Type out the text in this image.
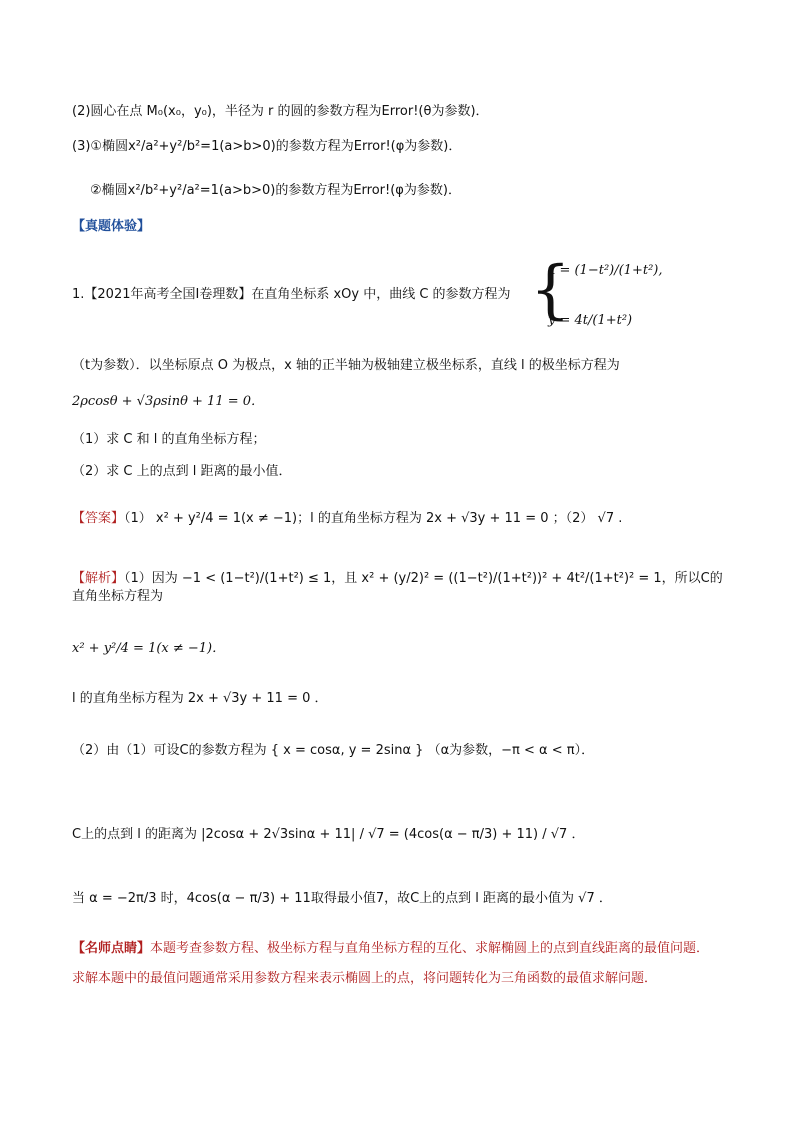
(2)圆心在点 M₀(x₀，y₀)，半径为 r 的圆的参数方程为Error!(θ为参数)．
(3)①椭圆x²/a²+y²/b²=1(a>b>0)的参数方程为Error!(φ为参数)．
②椭圆x²/b²+y²/a²=1(a>b>0)的参数方程为Error!(φ为参数)．
【真题体验】
1.【2021年高考全国Ⅰ卷理数】在直角坐标系 xOy 中，曲线 C 的参数方程为 {
x = (1−t²)/(1+t²),
y = 4t/(1+t²)
（t为参数）．以坐标原点 O 为极点，x 轴的正半轴为极轴建立极坐标系，直线 l 的极坐标方程为
2ρcosθ + √3ρsinθ + 11 = 0．
（1）求 C 和 l 的直角坐标方程；
（2）求 C 上的点到 l 距离的最小值．
【答案】（1） x² + y²/4 = 1(x ≠ −1)；l 的直角坐标方程为 2x + √3y + 11 = 0 ；（2） √7 .
【解析】（1）因为 −1 < (1−t²)/(1+t²) ≤ 1，且 x² + (y/2)² = ((1−t²)/(1+t²))² + 4t²/(1+t²)² = 1，所以C的直角坐标方程为
x² + y²/4 = 1(x ≠ −1)．
l 的直角坐标方程为 2x + √3y + 11 = 0 ．
（2）由（1）可设C的参数方程为 { x = cosα, y = 2sinα } （α为参数，−π < α < π）．
C上的点到 l 的距离为 |2cosα + 2√3sinα + 11| / √7 = (4cos(α − π/3) + 11) / √7 ．
当 α = −2π/3 时，4cos(α − π/3) + 11取得最小值7，故C上的点到 l 距离的最小值为 √7 ．
【名师点睛】本题考查参数方程、极坐标方程与直角坐标方程的互化、求解椭圆上的点到直线距离的最值问题．求解本题中的最值问题通常采用参数方程来表示椭圆上的点，将问题转化为三角函数的最值求解问题．
